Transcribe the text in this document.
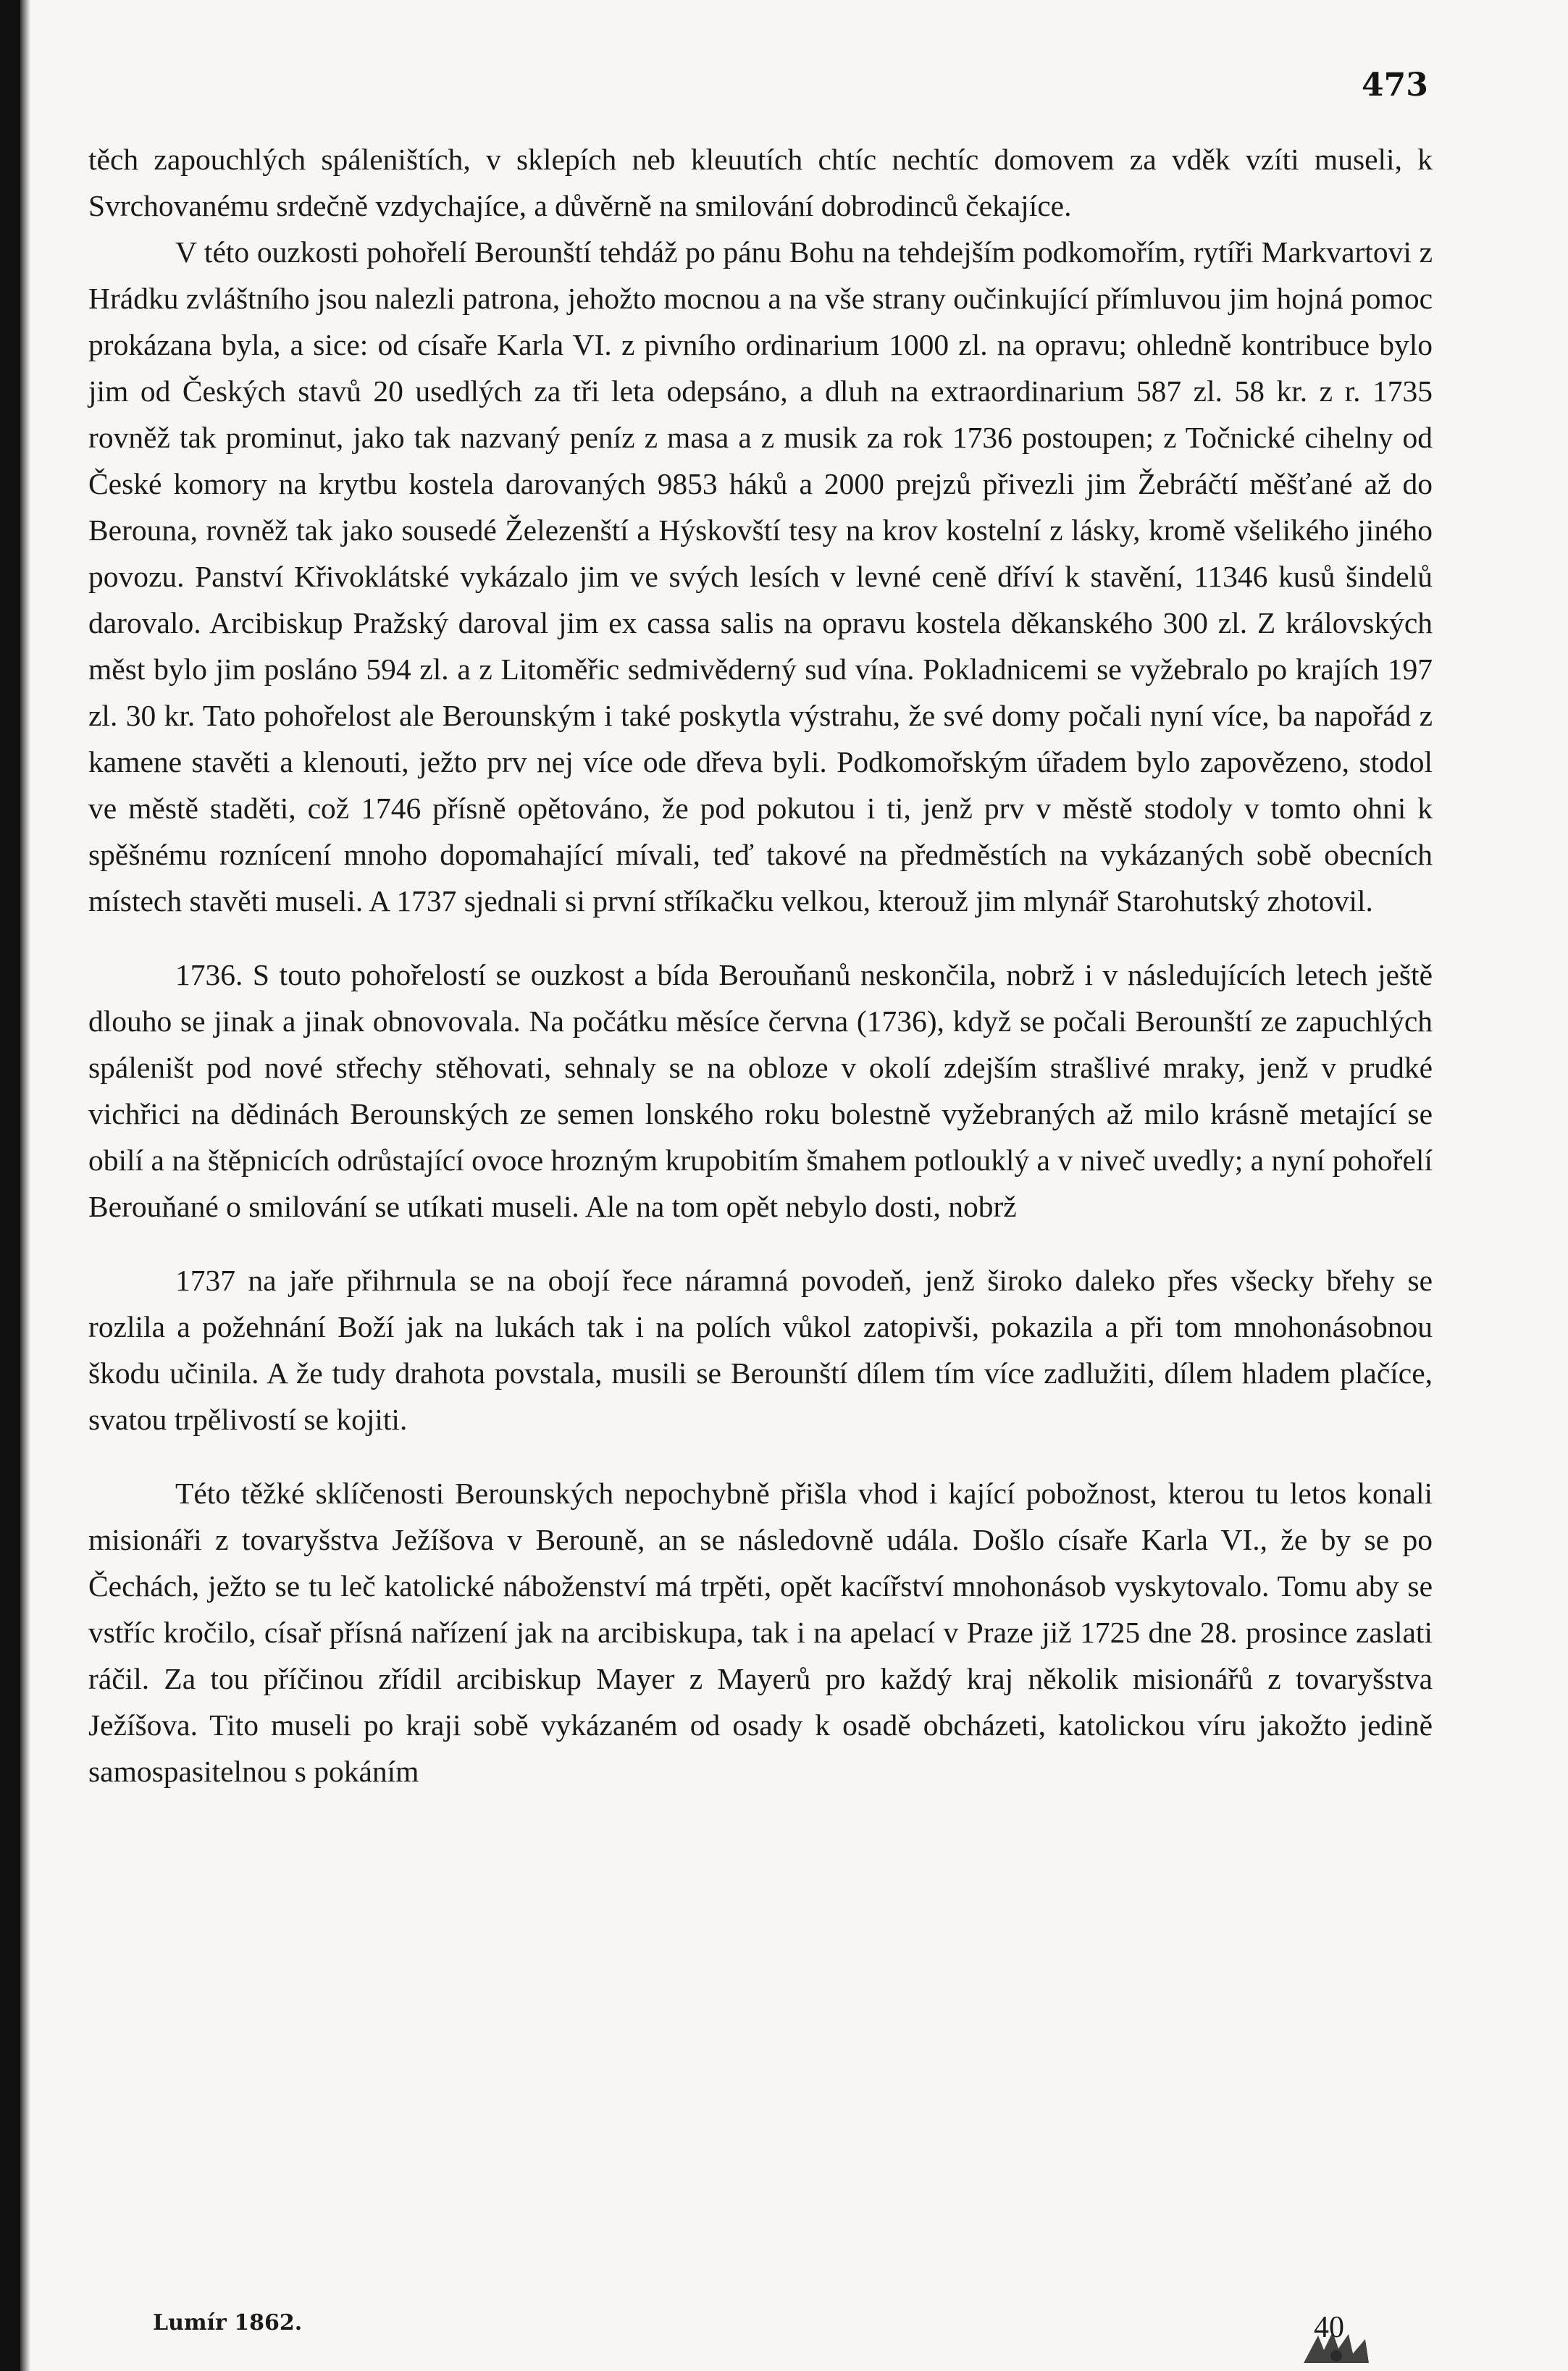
473

těch zapouchlých spáleništích, v sklepích neb kleuutích chtíc nechtíc domovem za vděk vzíti museli, k Svrchovanému srdečně vzdychajíce, a důvěrně na smilování dobrodinců čekajíce.

V této ouzkosti pohořelí Berounští tehdáž po pánu Bohu na tehdejším podkomořím, rytíři Markvartovi z Hrádku zvláštního jsou nalezli patrona, jehožto mocnou a na vše strany oučinkující přímluvou jim hojná pomoc prokázana byla, a sice: od císaře Karla VI. z pivního ordinarium 1000 zl. na opravu; ohledně kontribuce bylo jim od Českých stavů 20 usedlých za tři leta odepsáno, a dluh na extraordinarium 587 zl. 58 kr. z r. 1735 rovněž tak prominut, jako tak nazvaný peníz z masa a z musik za rok 1736 postoupen; z Točnické cihelny od České komory na krytbu kostela darovaných 9853 háků a 2000 prejzů přivezli jim Žebráčtí měšťané až do Berouna, rovněž tak jako sousedé Železenští a Hýskovští tesy na krov kostelní z lásky, kromě všelikého jiného povozu. Panství Křivoklátské vykázalo jim ve svých lesích v levné ceně dříví k stavění, 11346 kusů šindelů darovalo. Arcibiskup Pražský daroval jim ex cassa salis na opravu kostela děkanského 300 zl. Z královských měst bylo jim posláno 594 zl. a z Litoměřic sedmivěderný sud vína. Pokladnicemi se vyžebralo po krajích 197 zl. 30 kr. Tato pohořelost ale Berounským i také poskytla výstrahu, že své domy počali nyní více, ba napořád z kamene stavěti a klenouti, ježto prv nej více ode dřeva byli. Podkomořským úřadem bylo zapovězeno, stodol ve městě staděti, což 1746 přísně opětováno, že pod pokutou i ti, jenž prv v městě stodoly v tomto ohni k spěšnému roznícení mnoho dopomahající mívali, teď takové na předměstích na vykázaných sobě obecních místech stavěti museli. A 1737 sjednali si první stříkačku velkou, kterouž jim mlynář Starohutský zhotovil.

1736. S touto pohořelostí se ouzkost a bída Berouňanů neskončila, nobrž i v následujících letech ještě dlouho se jinak a jinak obnovovala. Na počátku měsíce června (1736), když se počali Berounští ze zapuchlých spáleništ pod nové střechy stěhovati, sehnaly se na obloze v okolí zdejším strašlivé mraky, jenž v prudké vichřici na dědinách Berounských ze semen lonského roku bolestně vyžebraných až milo krásně metající se obilí a na štěpnicích odrůstající ovoce hrozným krupobitím šmahem potlouklý a v niveč uvedly; a nyní pohořelí Berouňané o smilování se utíkati museli. Ale na tom opět nebylo dosti, nobrž

1737 na jaře přihrnula se na obojí řece náramná povodeň, jenž široko daleko přes všecky břehy se rozlila a požehnání Boží jak na lukách tak i na polích vůkol zatopivši, pokazila a při tom mnohonásobnou škodu učinila. A že tudy drahota povstala, musili se Berounští dílem tím více zadlužiti, dílem hladem plačíce, svatou trpělivostí se kojiti.

Této těžké sklíčenosti Berounských nepochybně přišla vhod i kající pobožnost, kterou tu letos konali misionáři z tovaryšstva Ježíšova v Berouně, an se následovně udála. Došlo císaře Karla VI., že by se po Čechách, ježto se tu leč katolické náboženství má trpěti, opět kacířství mnohonásob vyskytovalo. Tomu aby se vstříc kročilo, císař přísná nařízení jak na arcibiskupa, tak i na apelací v Praze již 1725 dne 28. prosince zaslati ráčil. Za tou příčinou zřídil arcibiskup Mayer z Mayerů pro každý kraj několik misionářů z tovaryšstva Ježíšova. Tito museli po kraji sobě vykázaném od osady k osadě obcházeti, katolickou víru jakožto jedině samospasitelnou s pokáním

Lumír 1862.	40
